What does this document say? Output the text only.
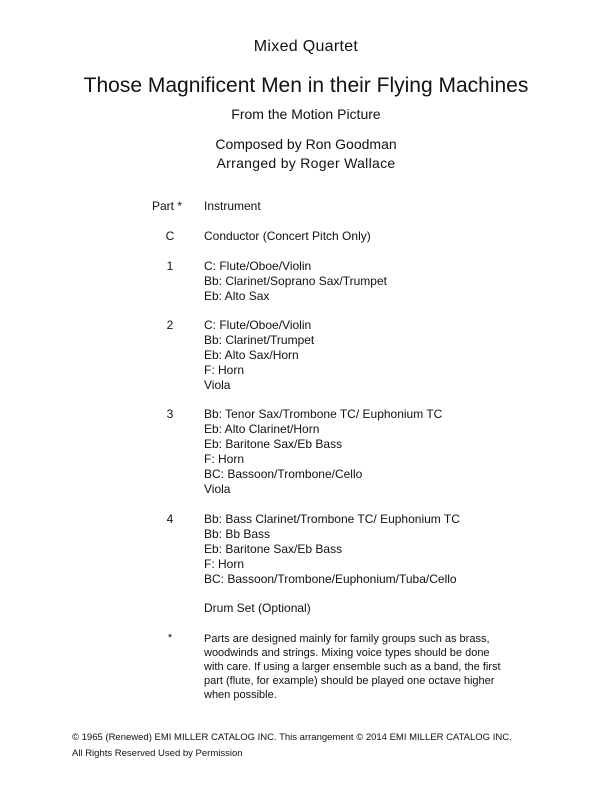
Mixed Quartet
Those Magnificent Men in their Flying Machines
From the Motion Picture
Composed by Ron Goodman
Arranged by Roger Wallace
Part * Instrument
C	Conductor (Concert Pitch Only)
1	C: Flute/Oboe/Violin
Bb: Clarinet/Soprano Sax/Trumpet
Eb: Alto Sax
2	C: Flute/Oboe/Violin
Bb: Clarinet/Trumpet
Eb: Alto Sax/Horn
F: Horn
Viola
3	Bb: Tenor Sax/Trombone TC/ Euphonium TC
Eb: Alto Clarinet/Horn
Eb: Baritone Sax/Eb Bass
F: Horn
BC: Bassoon/Trombone/Cello
Viola
4	Bb: Bass Clarinet/Trombone TC/ Euphonium TC
Bb: Bb Bass
Eb: Baritone Sax/Eb Bass
F: Horn
BC: Bassoon/Trombone/Euphonium/Tuba/Cello
Drum Set (Optional)
*	Parts are designed mainly for family groups such as brass, woodwinds and strings. Mixing voice types should be done with care. If using a larger ensemble such as a band, the first part (flute, for example) should be played one octave higher when possible.
© 1965 (Renewed) EMI MILLER CATALOG INC. This arrangement © 2014 EMI MILLER CATALOG INC.
All Rights Reserved Used by Permission
